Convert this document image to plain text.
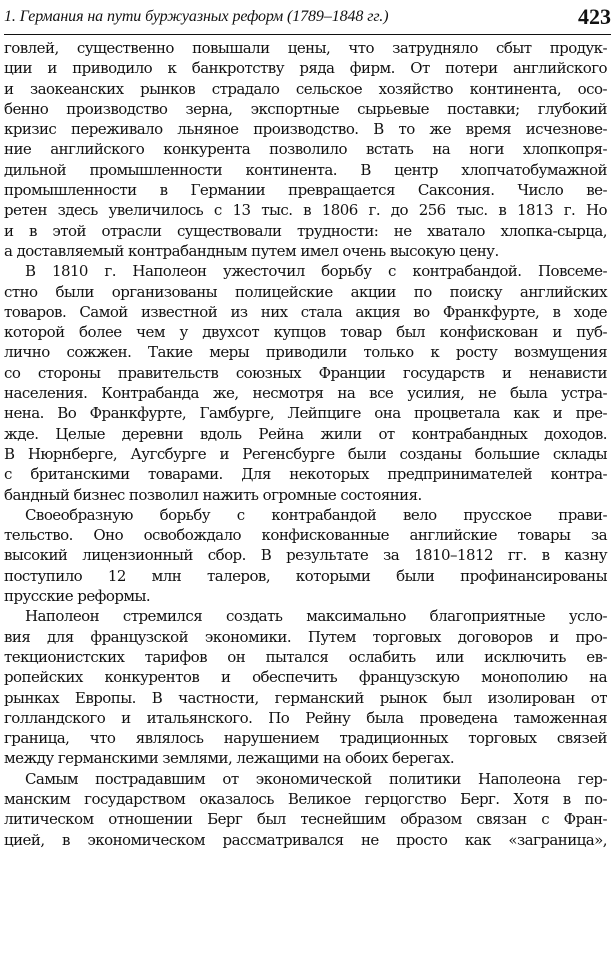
1. Германия на пути буржуазных реформ (1789–1848 гг.)	423
говлей, существенно повышали цены, что затрудняло сбыт продук-
ции и приводило к банкротству ряда фирм. От потери английского
и заокеанских рынков страдало сельское хозяйство континента, осо-
бенно производство зерна, экспортные сырьевые поставки; глубокий
кризис переживало льняное производство. В то же время исчезнове-
ние английского конкурента позволило встать на ноги хлопкопря-
дильной промышленности континента. В центр хлопчатобумажной
промышленности в Германии превращается Саксония. Число ве-
ретен здесь увеличилось с 13 тыс. в 1806 г. до 256 тыс. в 1813 г. Но
и в этой отрасли существовали трудности: не хватало хлопка-сырца,
а доставляемый контрабандным путем имел очень высокую цену.
В 1810 г. Наполеон ужесточил борьбу с контрабандой. Повсеме-
стно были организованы полицейские акции по поиску английских
товаров. Самой известной из них стала акция во Франкфурте, в ходе
которой более чем у двухсот купцов товар был конфискован и пуб-
лично сожжен. Такие меры приводили только к росту возмущения
со стороны правительств союзных Франции государств и ненависти
населения. Контрабанда же, несмотря на все усилия, не была устра-
нена. Во Франкфурте, Гамбурге, Лейпциге она процветала как и пре-
жде. Целые деревни вдоль Рейна жили от контрабандных доходов.
В Нюрнберге, Аугсбурге и Регенсбурге были созданы большие склады
с британскими товарами. Для некоторых предпринимателей контра-
бандный бизнес позволил нажить огромные состояния.
Своеобразную борьбу с контрабандой вело прусское прави-
тельство. Оно освобождало конфискованные английские товары за
высокий лицензионный сбор. В результате за 1810–1812 гг. в казну
поступило 12 млн талеров, которыми были профинансированы
прусские реформы.
Наполеон стремился создать максимально благоприятные усло-
вия для французской экономики. Путем торговых договоров и про-
текционистских тарифов он пытался ослабить или исключить ев-
ропейских конкурентов и обеспечить французскую монополию на
рынках Европы. В частности, германский рынок был изолирован от
голландского и итальянского. По Рейну была проведена таможенная
граница, что являлось нарушением традиционных торговых связей
между германскими землями, лежащими на обоих берегах.
Самым пострадавшим от экономической политики Наполеона гер-
манским государством оказалось Великое герцогство Берг. Хотя в по-
литическом отношении Берг был теснейшим образом связан с Фран-
цией, в экономическом рассматривался не просто как «заграница»,
